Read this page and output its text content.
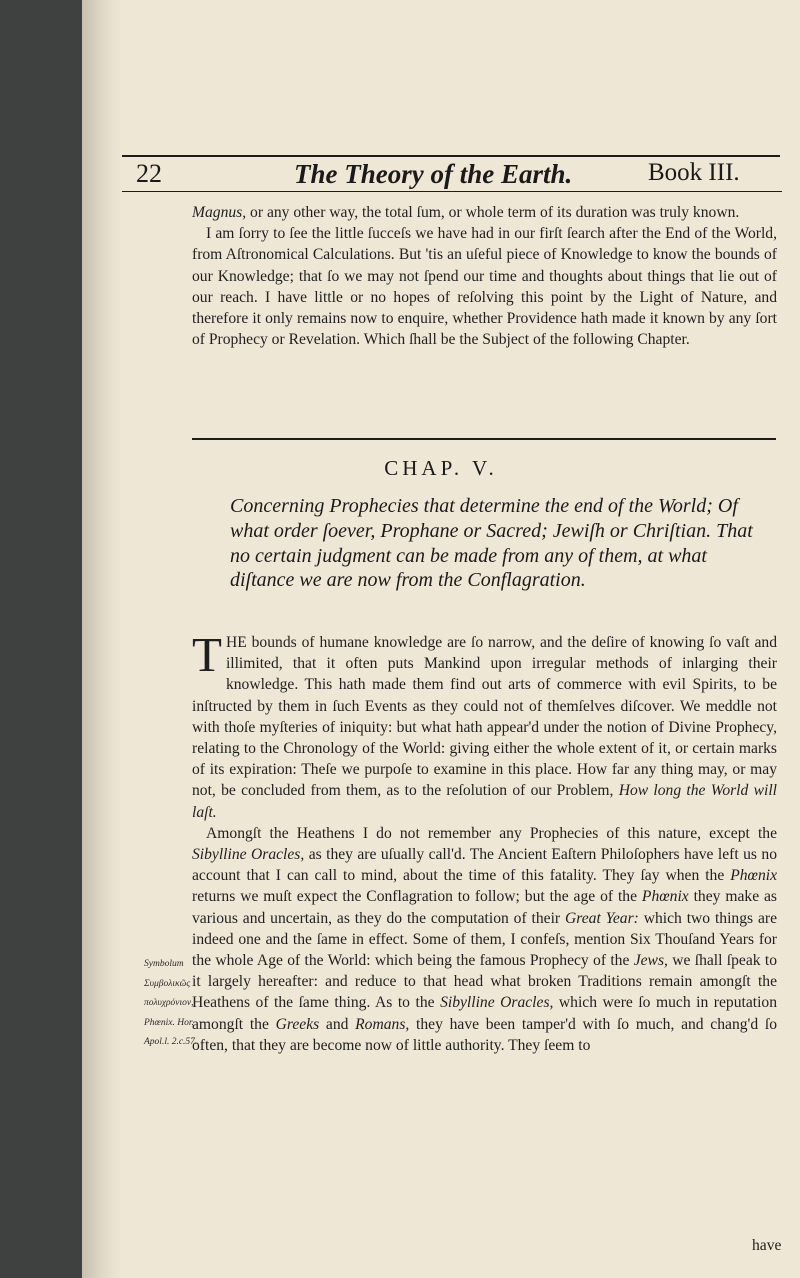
22	The Theory of the Earth.	Book III.

Magnus, or any other way, the total ſum, or whole term of its duration was truly known.

I am ſorry to ſee the little ſucceſs we have had in our firſt ſearch after the End of the World, from Aſtronomical Calculations. But 'tis an uſeful piece of Knowledge to know the bounds of our Knowledge; that ſo we may not ſpend our time and thoughts about things that lie out of our reach. I have little or no hopes of reſolving this point by the Light of Nature, and therefore it only remains now to enquire, whether Providence hath made it known by any ſort of Prophecy or Revelation. Which ſhall be the Subject of the following Chapter.

CHAP. V.
Concerning Prophecies that determine the end of the World; Of what order ſoever, Prophane or Sacred; Jewiſh or Chriſtian. That no certain judgment can be made from any of them, at what diſtance we are now from the Conflagration.

THE bounds of humane knowledge are ſo narrow, and the deſire of knowing ſo vaſt and illimited, that it often puts Mankind upon irregular methods of inlarging their knowledge. This hath made them find out arts of commerce with evil Spirits, to be inſtructed by them in ſuch Events as they could not of themſelves diſcover. We meddle not with thoſe myſteries of iniquity: but what hath appear'd under the notion of Divine Prophecy, relating to the Chronology of the World: giving either the whole extent of it, or certain marks of its expiration: Theſe we purpoſe to examine in this place. How far any thing may, or may not, be concluded from them, as to the reſolution of our Problem, How long the World will laſt.

Amongſt the Heathens I do not remember any Prophecies of this nature, except the Sibylline Oracles, as they are uſually call'd. The Ancient Eaſtern Philoſophers have left us no account that I can call to mind, about the time of this fatality. They ſay when the Phœnix returns we muſt expect the Conflagration to follow; but the age of the Phœnix they make as various and uncertain, as they do the computation of their Great Year: which two things are indeed one and the ſame in effect. Some of them, I confeſs, mention Six Thouſand Years for the whole Age of the World: which being the famous Prophecy of the Jews, we ſhall ſpeak to it largely hereafter: and reduce to that head what broken Traditions remain amongſt the Heathens of the ſame thing. As to the Sibylline Oracles, which were ſo much in reputation amongſt the Greeks and Romans, they have been tamper'd with ſo much, and chang'd ſo often, that they are become now of little authority. They ſeem to

Symbolum
Συμβολικῶς
πολυχρόνιον,
Phœnix. Hor.
Apol.l. 2.c.57.
have
